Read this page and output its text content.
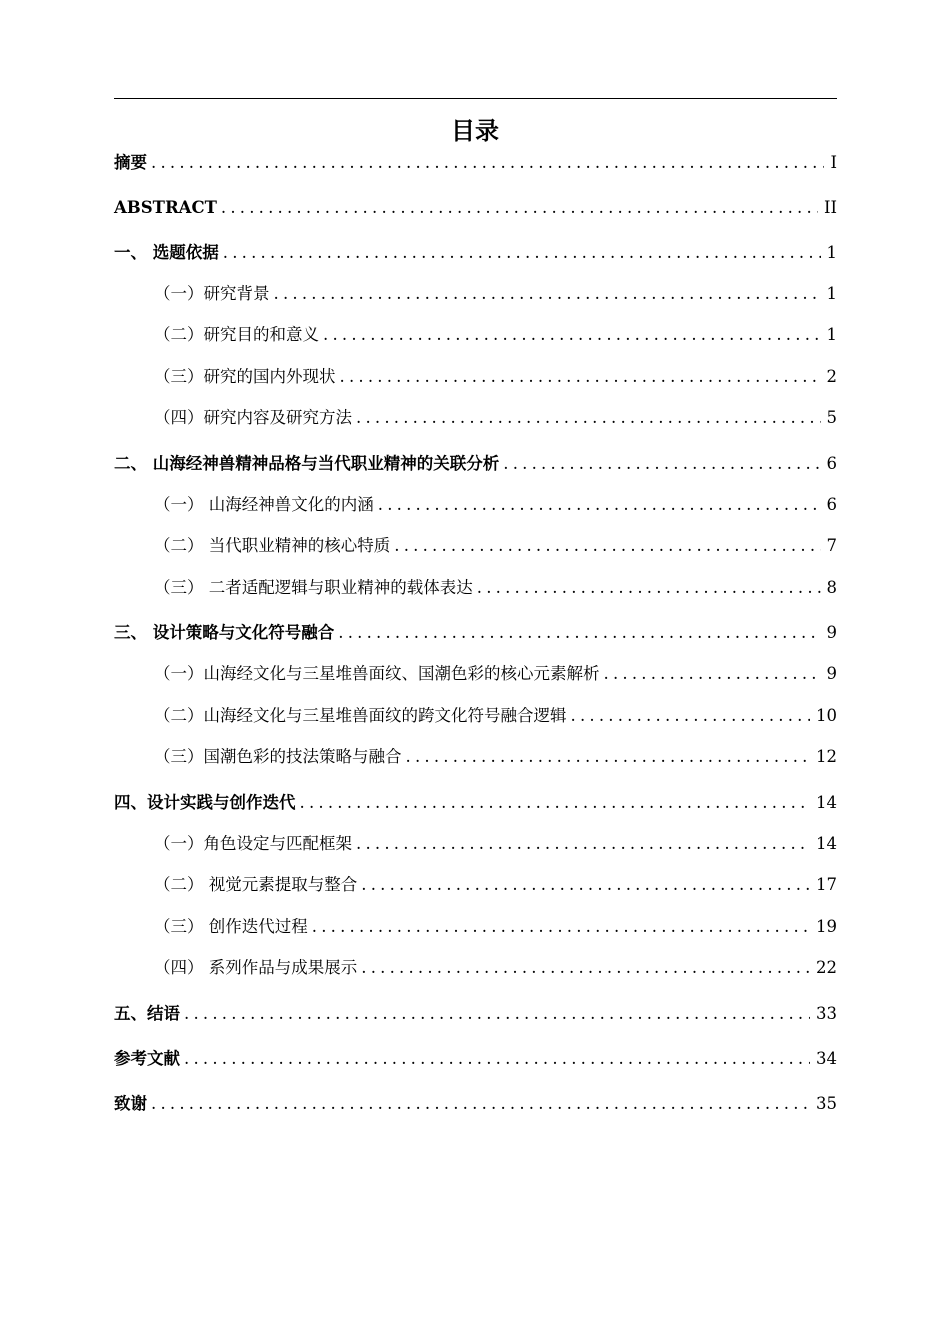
目录
摘要 .....	I
ABSTRACT .....	II
一、 选题依据 .....	1
（一）研究背景 .....	1
（二）研究目的和意义 .....	1
（三）研究的国内外现状 .....	2
（四）研究内容及研究方法 .....	5
二、 山海经神兽精神品格与当代职业精神的关联分析 .....	6
（一） 山海经神兽文化的内涵 .....	6
（二） 当代职业精神的核心特质 .....	7
（三） 二者适配逻辑与职业精神的载体表达 .....	8
三、 设计策略与文化符号融合 .....	9
（一）山海经文化与三星堆兽面纹、国潮色彩的核心元素解析 .....	9
（二）山海经文化与三星堆兽面纹的跨文化符号融合逻辑 .....	10
（三）国潮色彩的技法策略与融合 .....	12
四、设计实践与创作迭代 .....	14
（一）角色设定与匹配框架 .....	14
（二） 视觉元素提取与整合 .....	17
（三） 创作迭代过程 .....	19
（四） 系列作品与成果展示 .....	22
五、结语 .....	33
参考文献 .....	34
致谢 .....	35
